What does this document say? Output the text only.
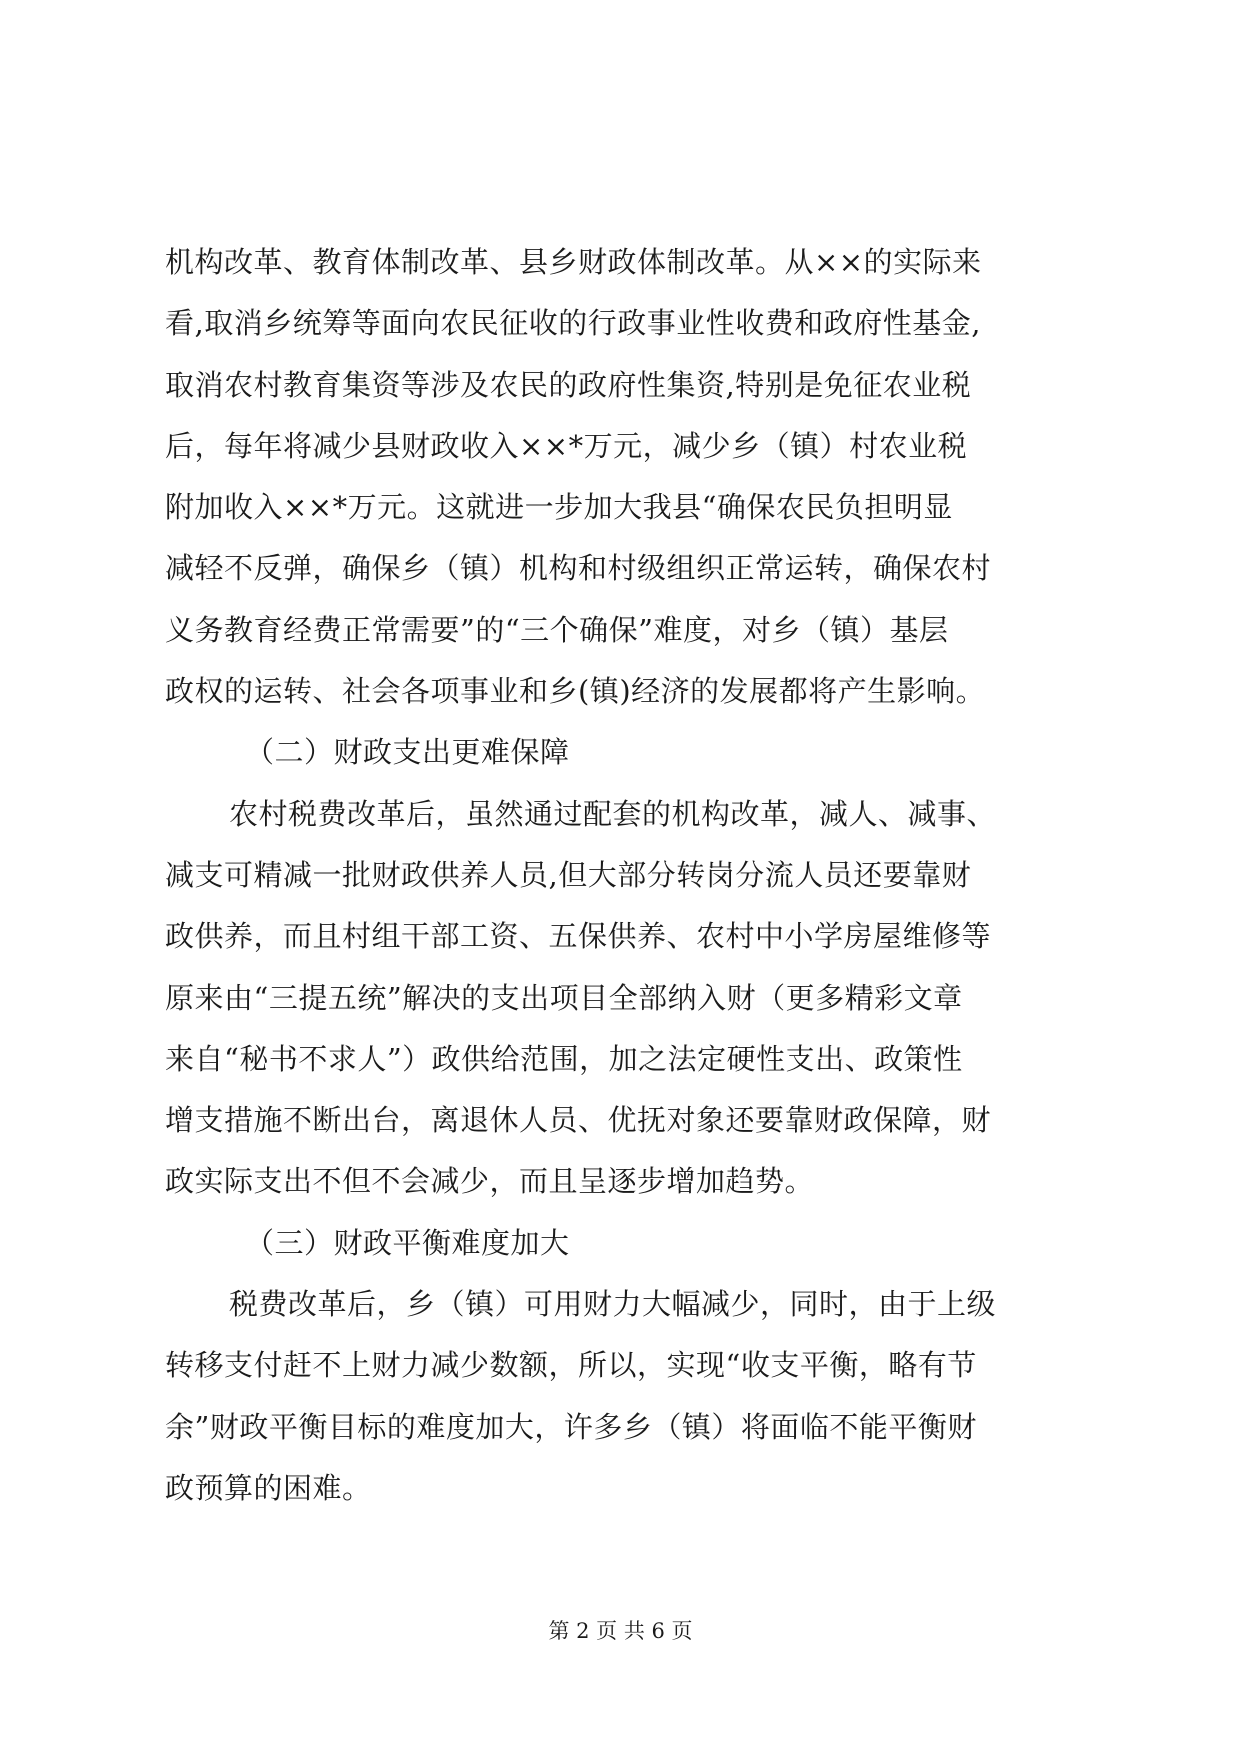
机构改革、教育体制改革、县乡财政体制改革。从××的实际来
看,取消乡统筹等面向农民征收的行政事业性收费和政府性基金,
取消农村教育集资等涉及农民的政府性集资,特别是免征农业税
后，每年将减少县财政收入××*万元，减少乡（镇）村农业税
附加收入××*万元。这就进一步加大我县“确保农民负担明显
减轻不反弹，确保乡（镇）机构和村级组织正常运转，确保农村
义务教育经费正常需要”的“三个确保”难度，对乡（镇）基层
政权的运转、社会各项事业和乡(镇)经济的发展都将产生影响。
（二）财政支出更难保障
农村税费改革后，虽然通过配套的机构改革，减人、减事、
减支可精减一批财政供养人员,但大部分转岗分流人员还要靠财
政供养，而且村组干部工资、五保供养、农村中小学房屋维修等
原来由“三提五统”解决的支出项目全部纳入财（更多精彩文章
来自“秘书不求人”）政供给范围，加之法定硬性支出、政策性
增支措施不断出台，离退休人员、优抚对象还要靠财政保障，财
政实际支出不但不会减少，而且呈逐步增加趋势。
（三）财政平衡难度加大
税费改革后，乡（镇）可用财力大幅减少，同时，由于上级
转移支付赶不上财力减少数额，所以，实现“收支平衡，略有节
余”财政平衡目标的难度加大，许多乡（镇）将面临不能平衡财
政预算的困难。
第 2 页 共 6 页
